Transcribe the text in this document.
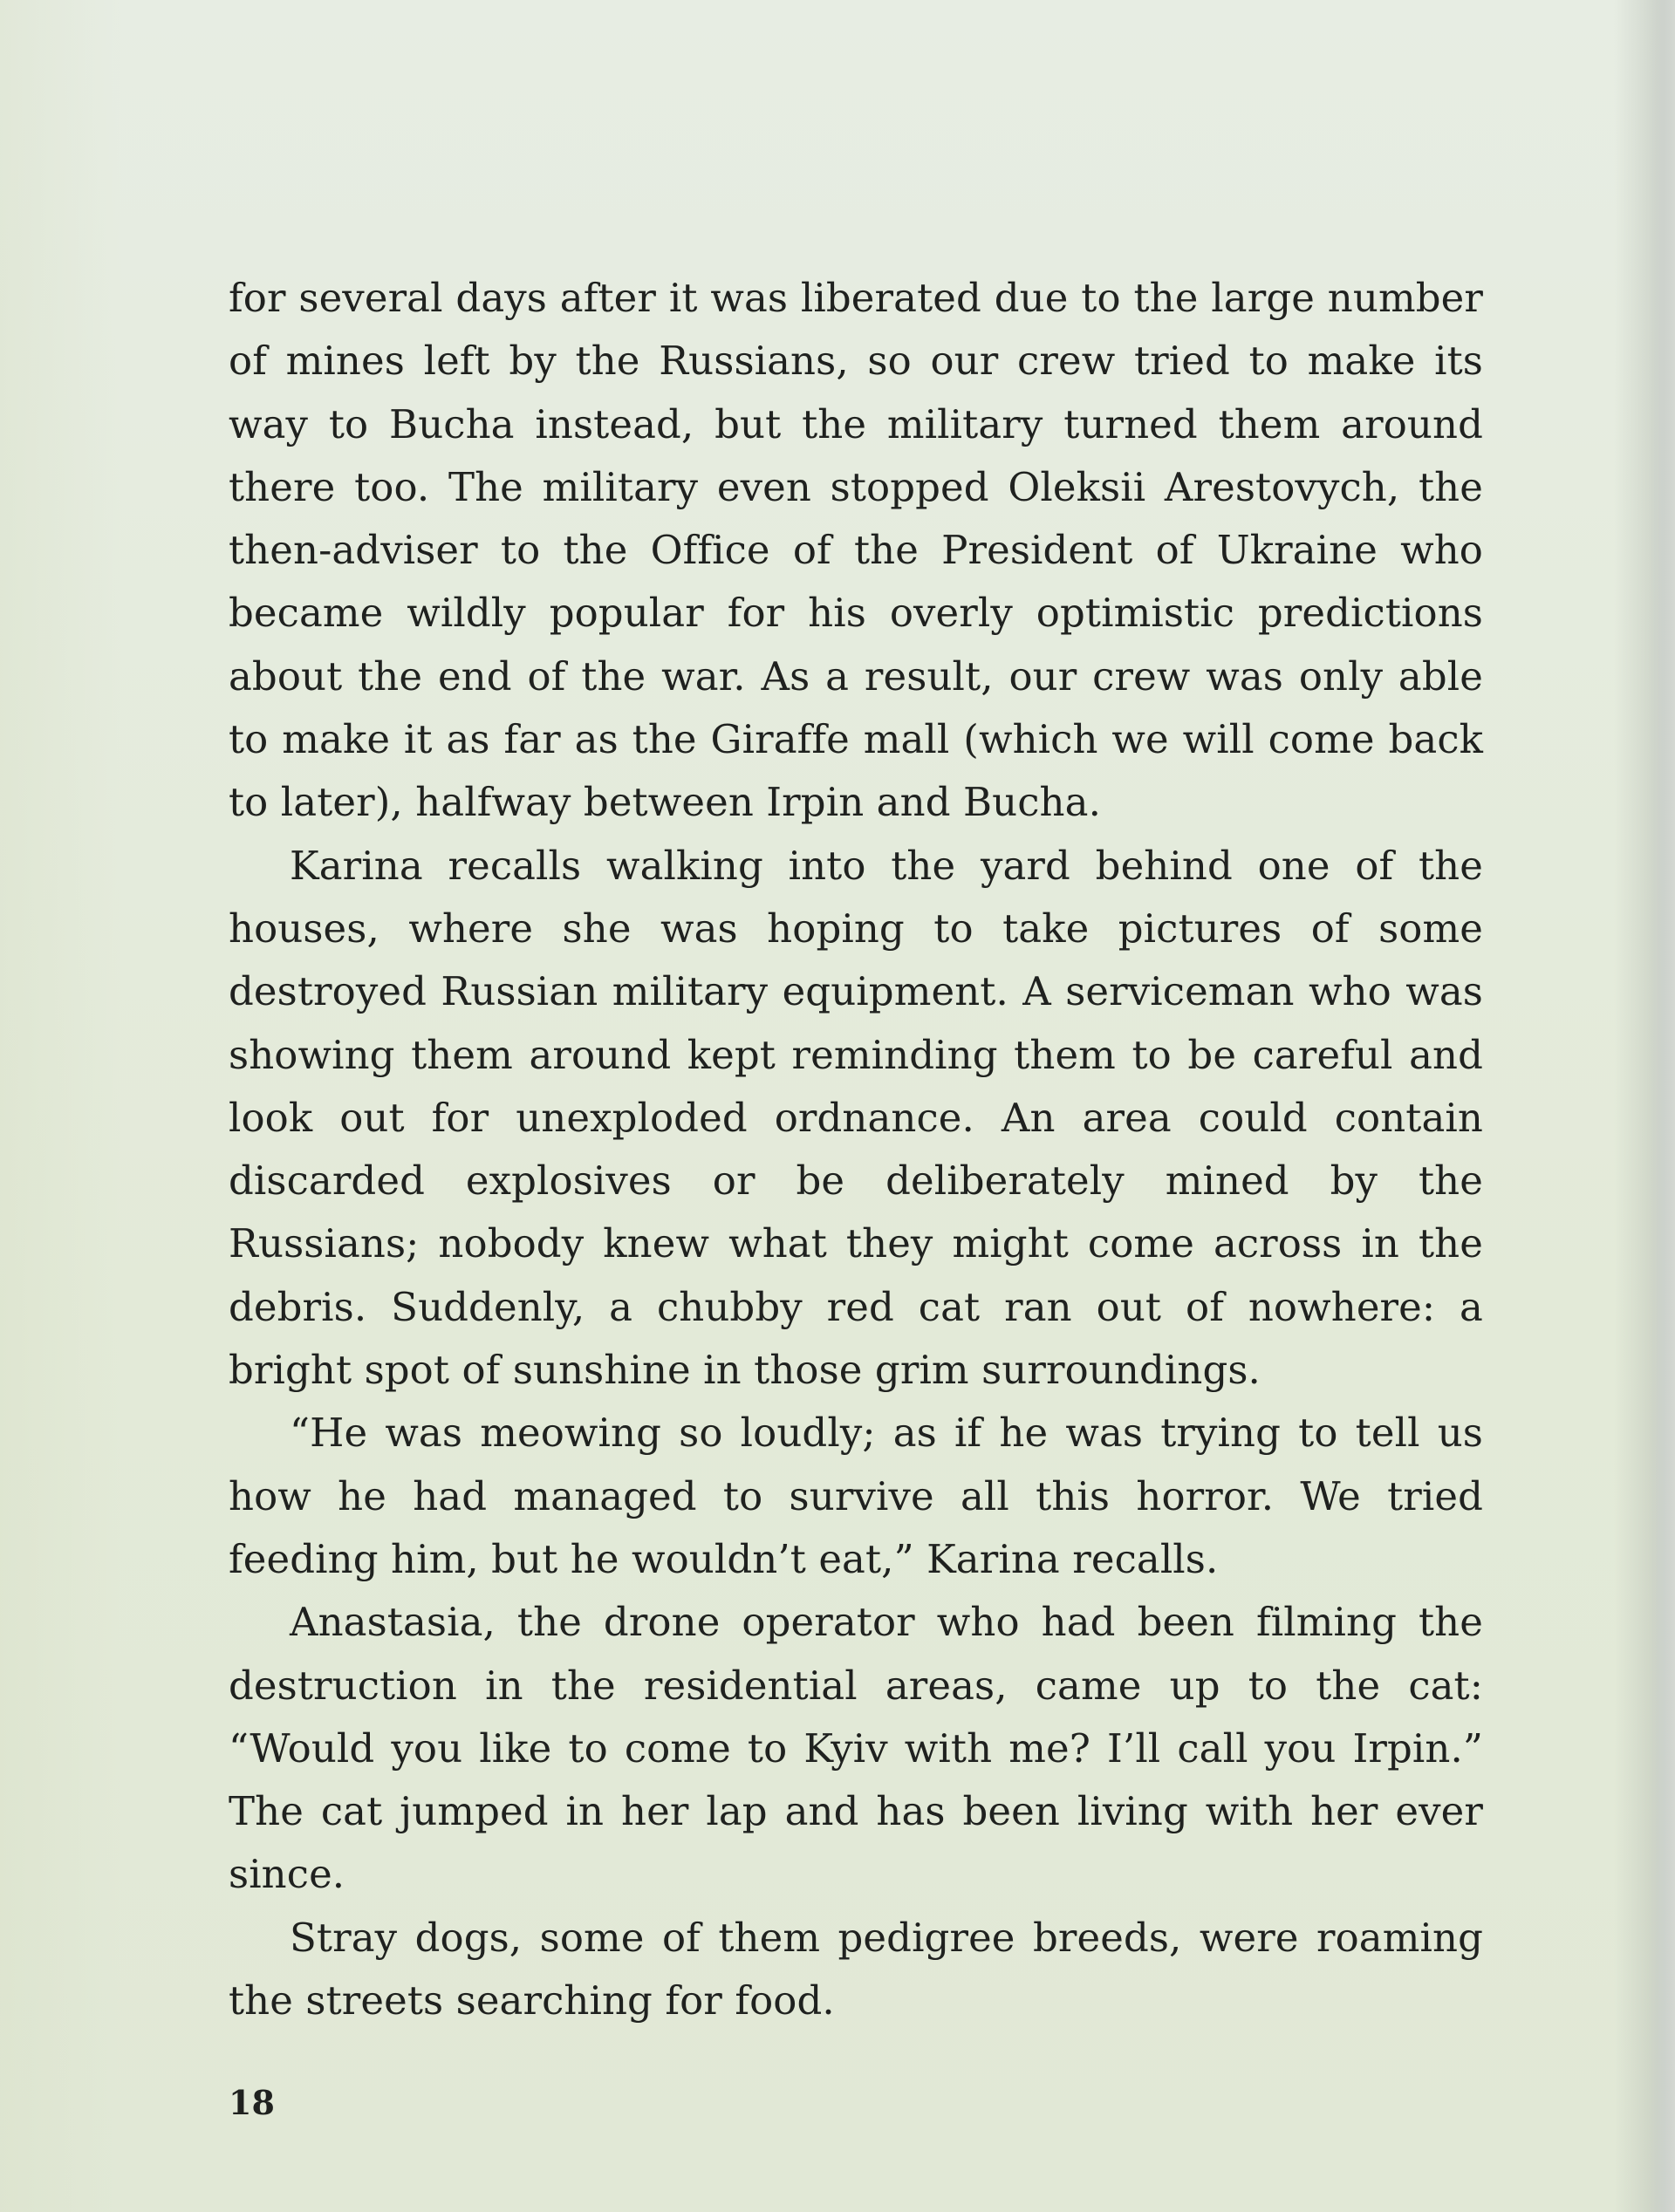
for several days after it was liberated due to the large number of mines left by the Russians, so our crew tried to make its way to Bucha instead, but the military turned them around there too. The military even stopped Oleksii Arestovych, the then-adviser to the Office of the President of Ukraine who became wildly popular for his overly optimistic predictions about the end of the war. As a result, our crew was only able to make it as far as the Giraffe mall (which we will come back to later), halfway between Irpin and Bucha.

Karina recalls walking into the yard behind one of the houses, where she was hoping to take pictures of some destroyed Russian military equipment. A serviceman who was showing them around kept reminding them to be careful and look out for unexploded ordnance. An area could contain discarded explosives or be deliberately mined by the Russians; nobody knew what they might come across in the debris. Suddenly, a chubby red cat ran out of nowhere: a bright spot of sunshine in those grim surroundings.

“He was meowing so loudly; as if he was trying to tell us how he had managed to survive all this horror. We tried feeding him, but he wouldn’t eat,” Karina recalls.

Anastasia, the drone operator who had been filming the destruction in the residential areas, came up to the cat: “Would you like to come to Kyiv with me? I’ll call you Irpin.” The cat jumped in her lap and has been living with her ever since.

Stray dogs, some of them pedigree breeds, were roaming the streets searching for food.

18
